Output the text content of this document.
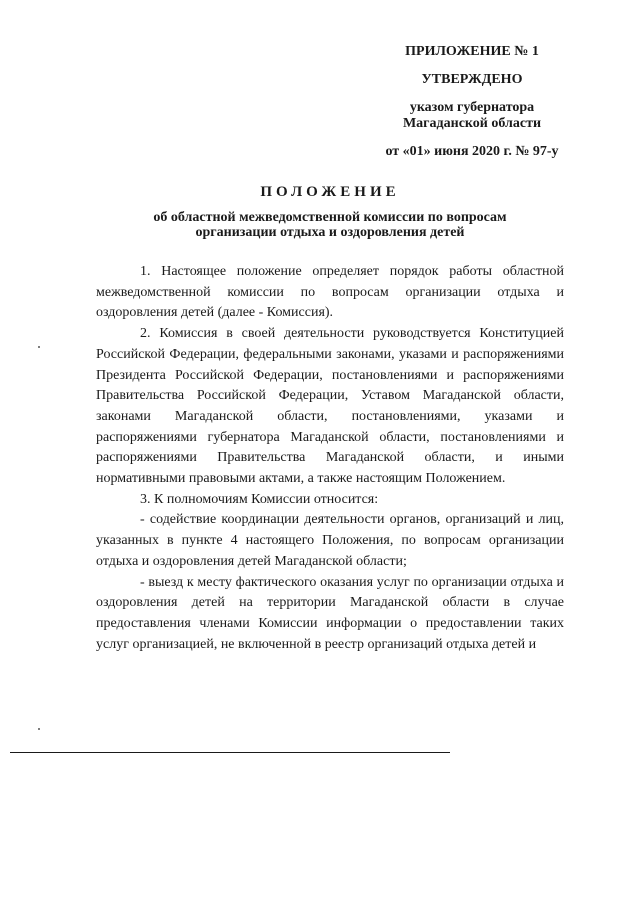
ПРИЛОЖЕНИЕ № 1
УТВЕРЖДЕНО
указом губернатора
Магаданской области
от «01» июня 2020 г. № 97-у
ПОЛОЖЕНИЕ
об областной межведомственной комиссии по вопросам
организации отдыха и оздоровления детей

1. Настоящее положение определяет порядок работы областной межведомственной комиссии по вопросам организации отдыха и оздоровления детей (далее - Комиссия).

2. Комиссия в своей деятельности руководствуется Конституцией Российской Федерации, федеральными законами, указами и распоряжениями Президента Российской Федерации, постановлениями и распоряжениями Правительства Российской Федерации, Уставом Магаданской области, законами Магаданской области, постановлениями, указами и распоряжениями губернатора Магаданской области, постановлениями и распоряжениями Правительства Магаданской области, и иными нормативными правовыми актами, а также настоящим Положением.

3. К полномочиям Комиссии относится:

- содействие координации деятельности органов, организаций и лиц, указанных в пункте 4 настоящего Положения, по вопросам организации отдыха и оздоровления детей Магаданской области;

- выезд к месту фактического оказания услуг по организации отдыха и оздоровления детей на территории Магаданской области в случае предоставления членами Комиссии информации о предоставлении таких услуг организацией, не включенной в реестр организаций отдыха детей и
